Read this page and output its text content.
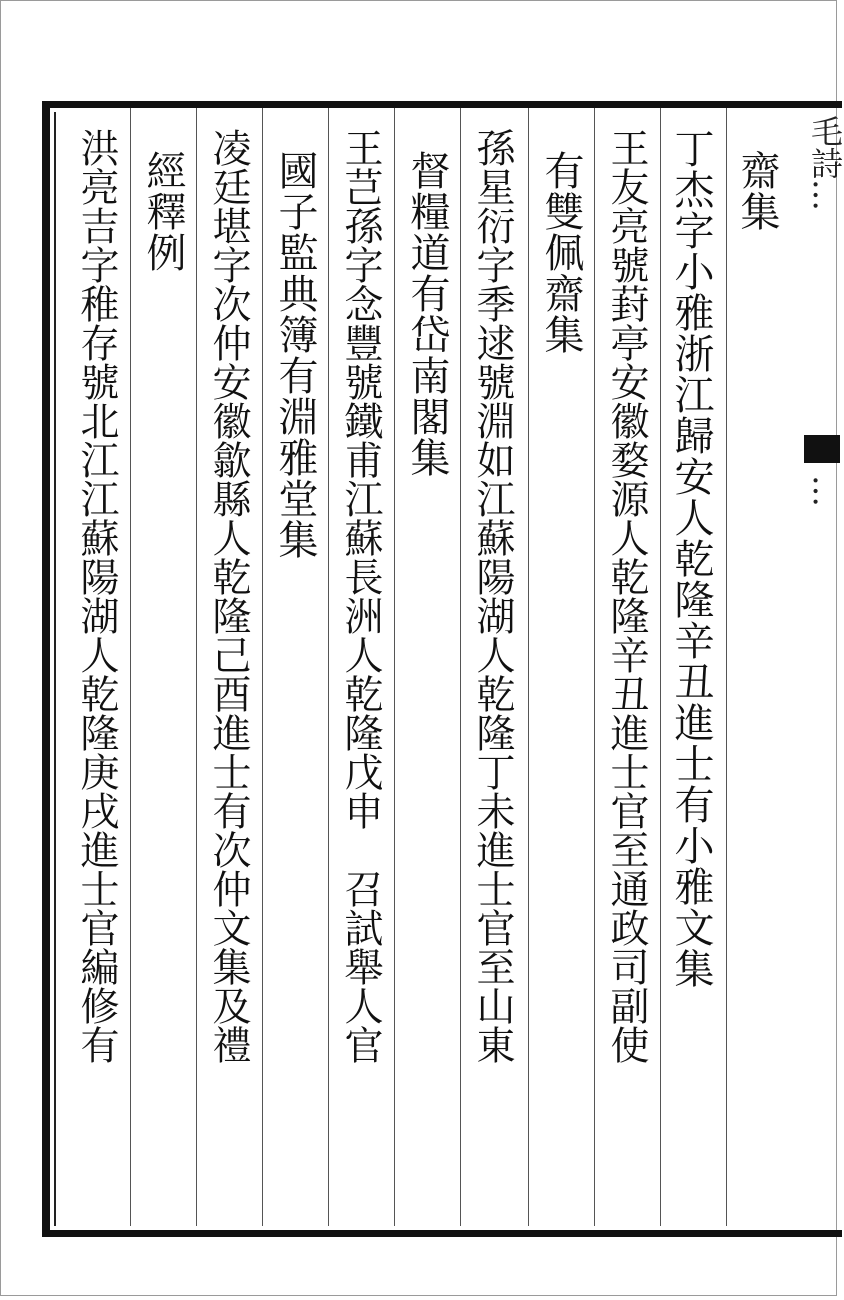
齋集
丁杰字小雅浙江歸安人乾隆辛丑進士有小雅文集
王友亮號葑亭安徽婺源人乾隆辛丑進士官至通政司副使
有雙佩齋集
孫星衍字季逑號淵如江蘇陽湖人乾隆丁未進士官至山東
督糧道有岱南閣集
王芑孫字念豐號鐵甫江蘇長洲人乾隆戊申　召試舉人官
國子監典簿有淵雅堂集
凌廷堪字次仲安徽歙縣人乾隆己酉進士有次仲文集及禮
經釋例
洪亮吉字稚存號北江江蘇陽湖人乾隆庚戌進士官編修有	毛詩…
…
